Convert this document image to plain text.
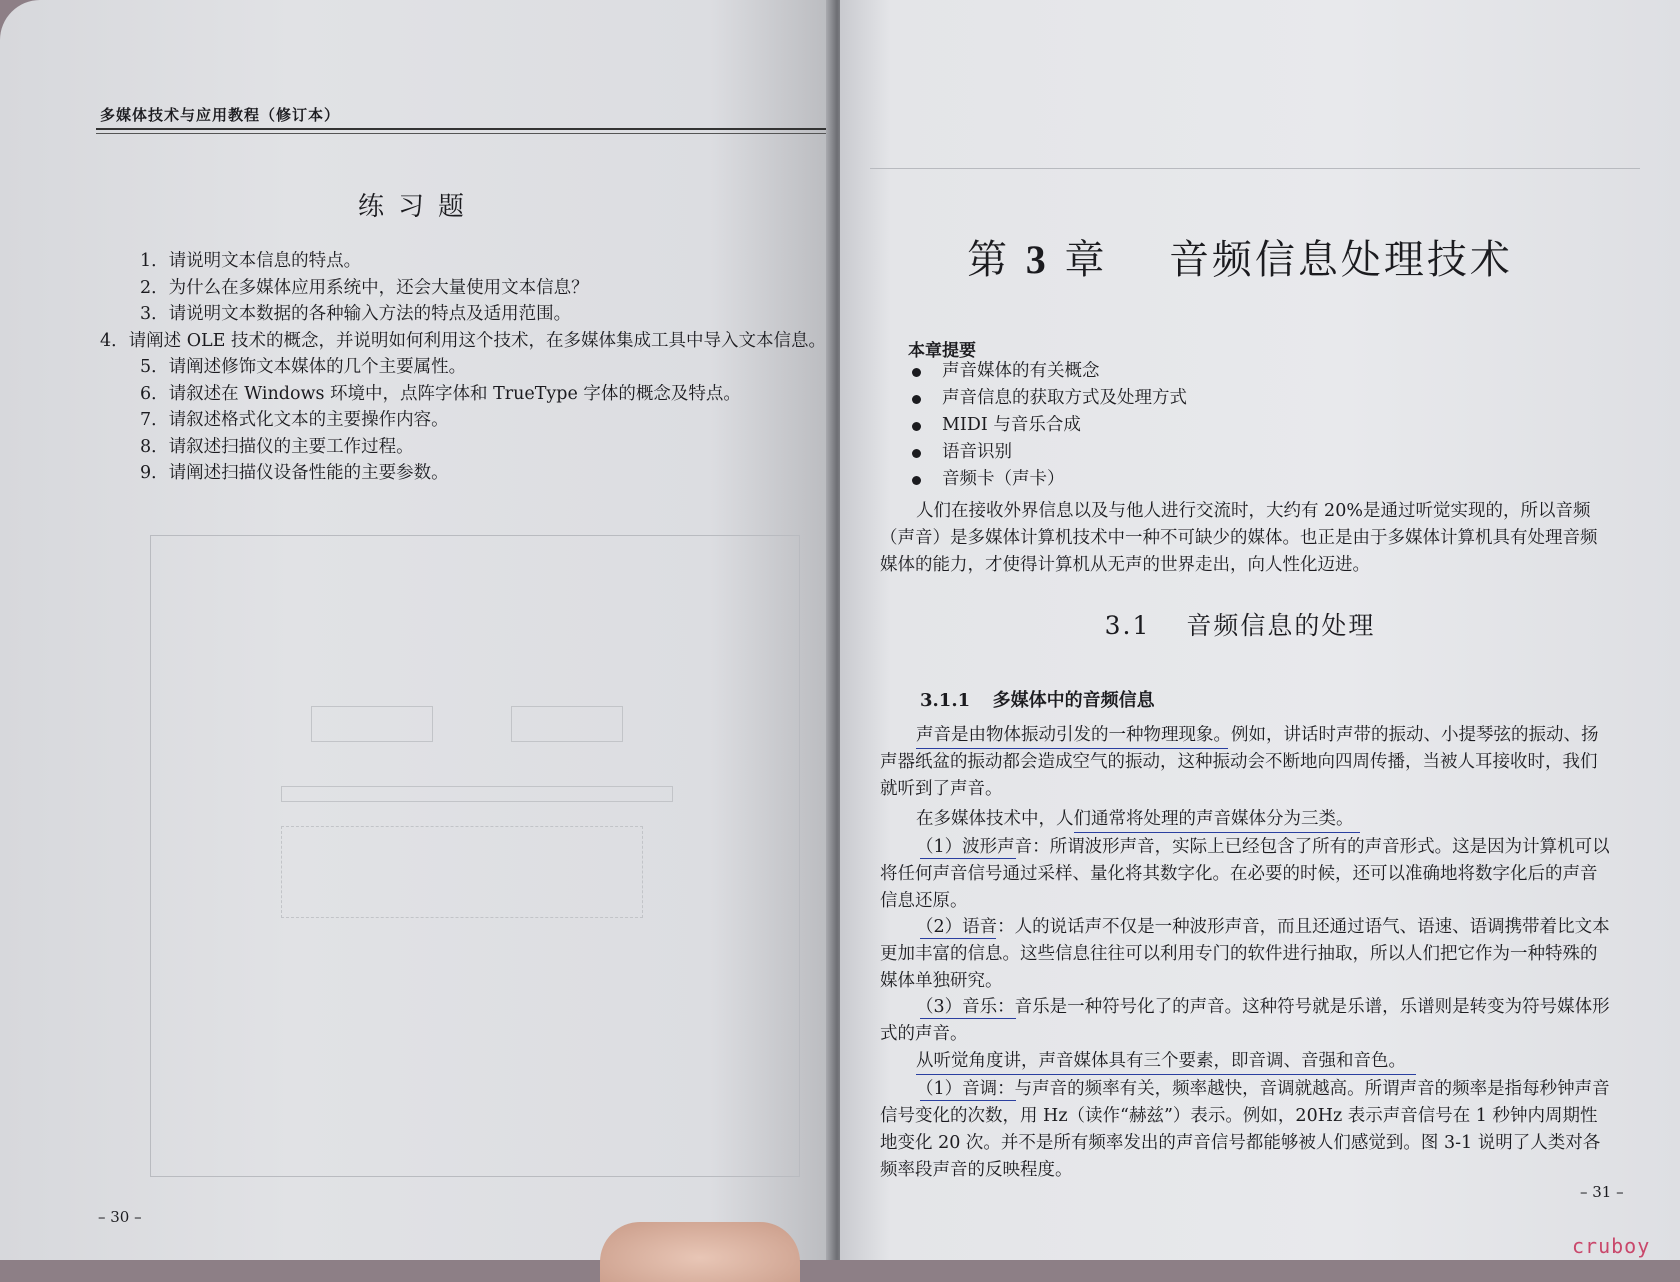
多媒体技术与应用教程（修订本）
练习题
1．请说明文本信息的特点。
2．为什么在多媒体应用系统中，还会大量使用文本信息？
3．请说明文本数据的各种输入方法的特点及适用范围。
4．请阐述 OLE 技术的概念，并说明如何利用这个技术，在多媒体集成工具中导入文本信息。
5．请阐述修饰文本媒体的几个主要属性。
6．请叙述在 Windows 环境中，点阵字体和 TrueType 字体的概念及特点。
7．请叙述格式化文本的主要操作内容。
8．请叙述扫描仪的主要工作过程。
9．请阐述扫描仪设备性能的主要参数。
– 30 –
第 3 章 音频信息处理技术
本章提要
声音媒体的有关概念
声音信息的获取方式及处理方式
MIDI 与音乐合成
语音识别
音频卡（声卡）

人们在接收外界信息以及与他人进行交流时，大约有 20%是通过听觉实现的，所以音频（声音）是多媒体计算机技术中一种不可缺少的媒体。也正是由于多媒体计算机具有处理音频媒体的能力，才使得计算机从无声的世界走出，向人性化迈进。

3.1 音频信息的处理
3.1.1 多媒体中的音频信息

声音是由物体振动引发的一种物理现象。例如，讲话时声带的振动、小提琴弦的振动、扬声器纸盆的振动都会造成空气的振动，这种振动会不断地向四周传播，当被人耳接收时，我们就听到了声音。

在多媒体技术中，人们通常将处理的声音媒体分为三类。

（1）波形声音：所谓波形声音，实际上已经包含了所有的声音形式。这是因为计算机可以将任何声音信号通过采样、量化将其数字化。在必要的时候，还可以准确地将数字化后的声音信息还原。

（2）语音：人的说话声不仅是一种波形声音，而且还通过语气、语速、语调携带着比文本更加丰富的信息。这些信息往往可以利用专门的软件进行抽取，所以人们把它作为一种特殊的媒体单独研究。

（3）音乐：音乐是一种符号化了的声音。这种符号就是乐谱，乐谱则是转变为符号媒体形式的声音。

从听觉角度讲，声音媒体具有三个要素，即音调、音强和音色。

（1）音调：与声音的频率有关，频率越快，音调就越高。所谓声音的频率是指每秒钟声音信号变化的次数，用 Hz（读作“赫兹”）表示。例如，20Hz 表示声音信号在 1 秒钟内周期性地变化 20 次。并不是所有频率发出的声音信号都能够被人们感觉到。图 3-1 说明了人类对各频率段声音的反映程度。

– 31 –
cruboy
